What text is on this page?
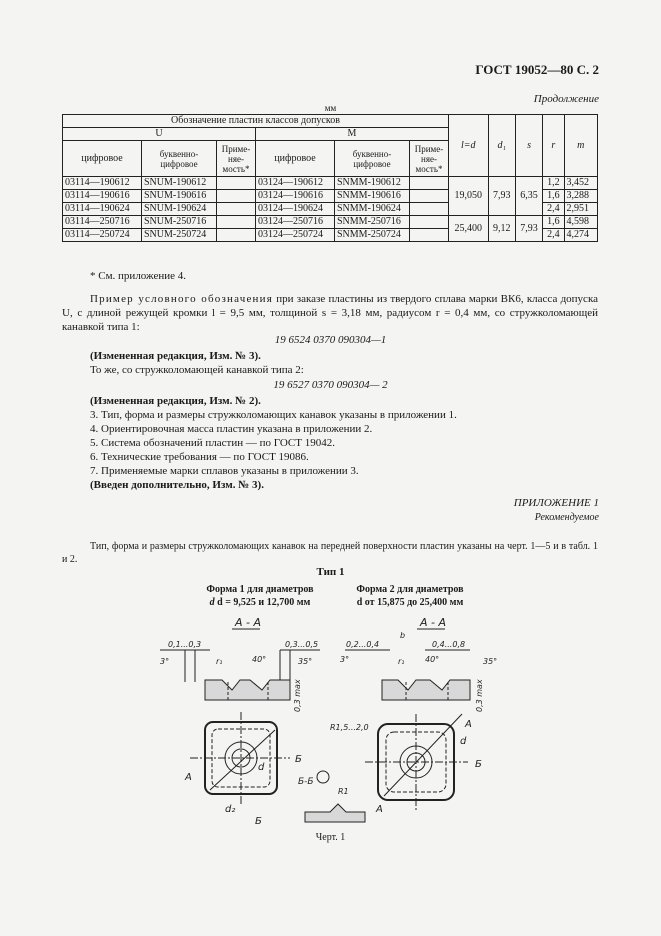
ГОСТ 19052—80 С. 2
Продолжение
мм
Обозначение пластин классов допусков						l=d	d₁	s	r	m
U			M							
цифровое	буквенно-цифровое	Приме-няе-мость*	цифровое	буквенно-цифровое	Приме-няе-мость*					
03114—190612	SNUM-190612		03124—190612	SNMM-190612		19,050	7,93	6,35	1,2	3,452
03114—190616	SNUM-190616		03124—190616	SNMM-190616					1,6	3,288
03114—190624	SNUM-190624		03124—190624	SNMM-190624					2,4	2,951
03114—250716	SNUM-250716		03124—250716	SNMM-250716		25,400	9,12	7,93	1,6	4,598
03114—250724	SNUM-250724		03124—250724	SNMM-250724					2,4	4,274
* См. приложение 4.
Пример условного обозначения при заказе пластины из твердого сплава марки ВК6, класса допуска U, с длиной режущей кромки l = 9,5 мм, толщиной s = 3,18 мм, радиусом r = 0,4 мм, со стружколомающей канавкой типа 1:
19 6524 0370 090304—1
(Измененная редакция, Изм. № 3).
То же, со стружколомающей канавкой типа 2:
19 6527 0370 090304— 2
(Измененная редакция, Изм. № 2).
3. Тип, форма и размеры стружколомающих канавок указаны в приложении 1.
4. Ориентировочная масса пластин указана в приложении 2.
5. Система обозначений пластин — по ГОСТ 19042.
6. Технические требования — по ГОСТ 19086.
7. Применяемые марки сплавов указаны в приложении 3.
(Введен дополнительно, Изм. № 3).
ПРИЛОЖЕНИЕ 1
Рекомендуемое
Тип, форма и размеры стружколомающих канавок на передней поверхности пластин указаны на черт. 1—5 и в табл. 1 и 2.
Тип 1
Форма 1 для диаметров
d d = 9,525 и 12,700 мм
Форма 2 для диаметров
d от 15,875 до 25,400 мм
А - А
0,1...0,3	0,3...0,5
3°	r₁	40°	35°
0,3 max
А
Б
d
d₂
Б-Б
А - А
0,2...0,4
b
0,4...0,8
3°	r₁	40°	35°
0,3 max
R1,5...2,0	А
d
Б
А
R1
Б
Черт. 1
